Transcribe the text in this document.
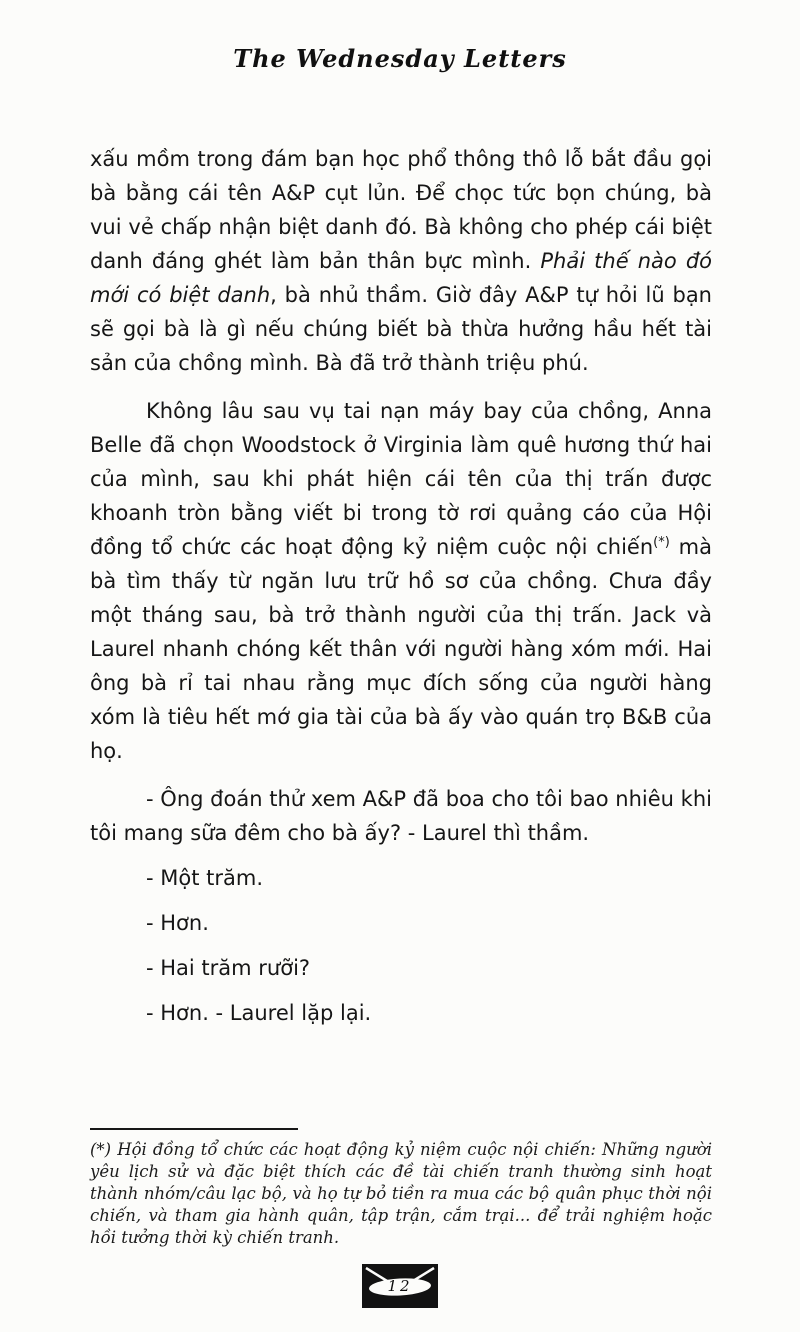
The Wednesday Letters

xấu mồm trong đám bạn học phổ thông thô lỗ bắt đầu gọi bà bằng cái tên A&P cụt lủn. Để chọc tức bọn chúng, bà vui vẻ chấp nhận biệt danh đó. Bà không cho phép cái biệt danh đáng ghét làm bản thân bực mình. Phải thế nào đó mới có biệt danh, bà nhủ thầm. Giờ đây A&P tự hỏi lũ bạn sẽ gọi bà là gì nếu chúng biết bà thừa hưởng hầu hết tài sản của chồng mình. Bà đã trở thành triệu phú.

Không lâu sau vụ tai nạn máy bay của chồng, Anna Belle đã chọn Woodstock ở Virginia làm quê hương thứ hai của mình, sau khi phát hiện cái tên của thị trấn được khoanh tròn bằng viết bi trong tờ rơi quảng cáo của Hội đồng tổ chức các hoạt động kỷ niệm cuộc nội chiến(*) mà bà tìm thấy từ ngăn lưu trữ hồ sơ của chồng. Chưa đầy một tháng sau, bà trở thành người của thị trấn. Jack và Laurel nhanh chóng kết thân với người hàng xóm mới. Hai ông bà rỉ tai nhau rằng mục đích sống của người hàng xóm là tiêu hết mớ gia tài của bà ấy vào quán trọ B&B của họ.

- Ông đoán thử xem A&P đã boa cho tôi bao nhiêu khi tôi mang sữa đêm cho bà ấy? - Laurel thì thầm.

- Một trăm.

- Hơn.

- Hai trăm rưỡi?

- Hơn. - Laurel lặp lại.

(*) Hội đồng tổ chức các hoạt động kỷ niệm cuộc nội chiến: Những người yêu lịch sử và đặc biệt thích các đề tài chiến tranh thường sinh hoạt thành nhóm/câu lạc bộ, và họ tự bỏ tiền ra mua các bộ quân phục thời nội chiến, và tham gia hành quân, tập trận, cắm trại... để trải nghiệm hoặc hồi tưởng thời kỳ chiến tranh.

12
